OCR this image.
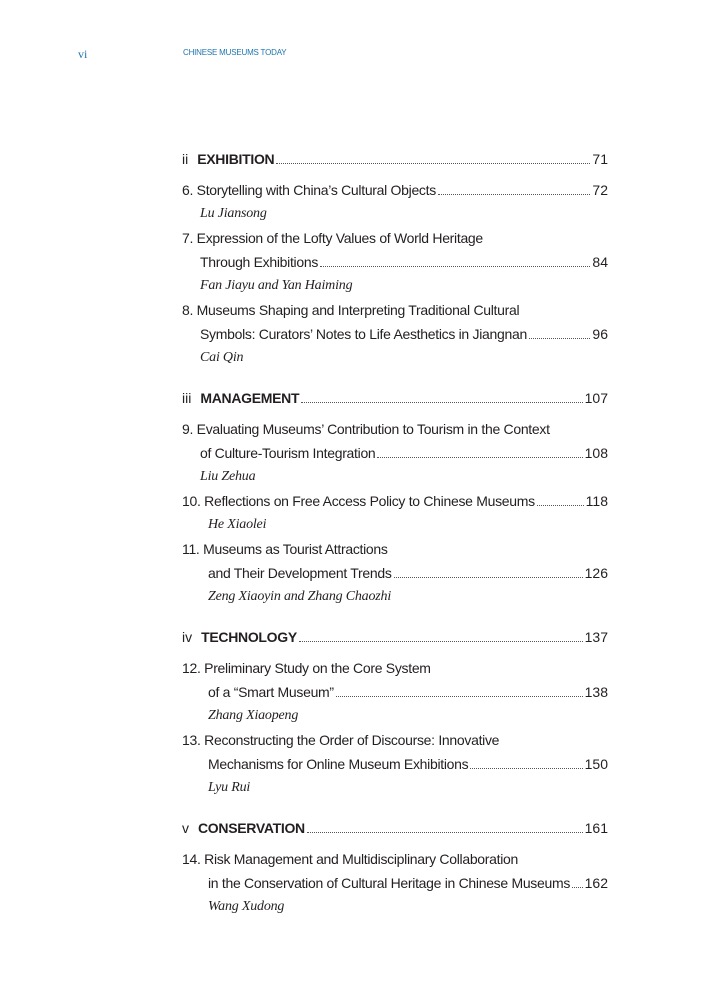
vi	CHINESE MUSEUMS TODAY
ii EXHIBITION	71
6. Storytelling with China’s Cultural Objects	72
Lu Jiansong
7. Expression of the Lofty Values of World Heritage
Through Exhibitions	84
Fan Jiayu and Yan Haiming
8. Museums Shaping and Interpreting Traditional Cultural
Symbols: Curators’ Notes to Life Aesthetics in Jiangnan	96
Cai Qin
iii MANAGEMENT	107
9. Evaluating Museums’ Contribution to Tourism in the Context
of Culture-Tourism Integration	108
Liu Zehua
10. Reflections on Free Access Policy to Chinese Museums	118
He Xiaolei
11. Museums as Tourist Attractions
and Their Development Trends	126
Zeng Xiaoyin and Zhang Chaozhi
iv TECHNOLOGY	137
12. Preliminary Study on the Core System
of a “Smart Museum”	138
Zhang Xiaopeng
13. Reconstructing the Order of Discourse: Innovative
Mechanisms for Online Museum Exhibitions	150
Lyu Rui
v CONSERVATION	161
14. Risk Management and Multidisciplinary Collaboration
in the Conservation of Cultural Heritage in Chinese Museums 162
Wang Xudong
